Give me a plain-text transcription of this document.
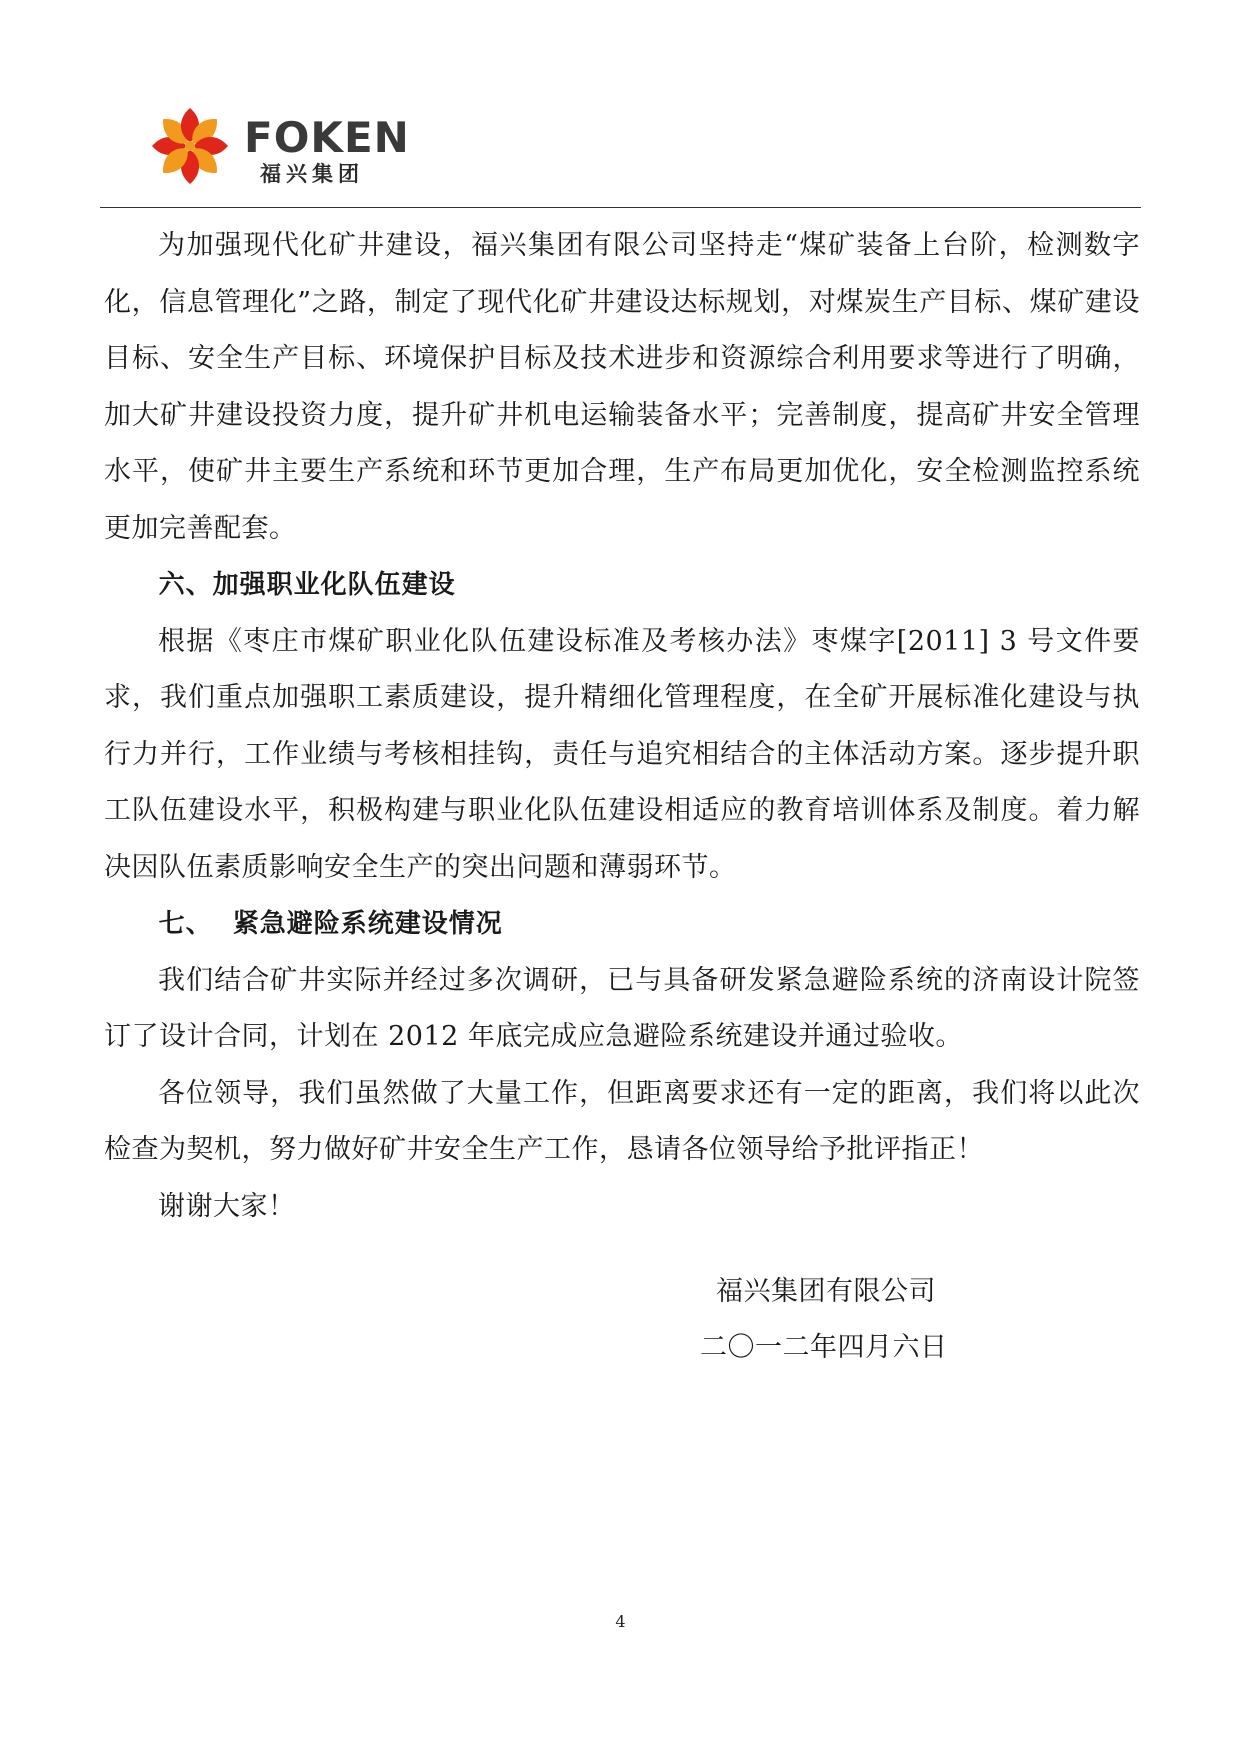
FOKEN
福兴集团

为加强现代化矿井建设，福兴集团有限公司坚持走“煤矿装备上台阶，检测数字化，信息管理化”之路，制定了现代化矿井建设达标规划，对煤炭生产目标、煤矿建设目标、安全生产目标、环境保护目标及技术进步和资源综合利用要求等进行了明确，加大矿井建设投资力度，提升矿井机电运输装备水平；完善制度，提高矿井安全管理水平，使矿井主要生产系统和环节更加合理，生产布局更加优化，安全检测监控系统更加完善配套。

六、加强职业化队伍建设

根据《枣庄市煤矿职业化队伍建设标准及考核办法》枣煤字[2011] 3 号文件要求，我们重点加强职工素质建设，提升精细化管理程度，在全矿开展标准化建设与执行力并行，工作业绩与考核相挂钩，责任与追究相结合的主体活动方案。逐步提升职工队伍建设水平，积极构建与职业化队伍建设相适应的教育培训体系及制度。着力解决因队伍素质影响安全生产的突出问题和薄弱环节。

七、  紧急避险系统建设情况

我们结合矿井实际并经过多次调研，已与具备研发紧急避险系统的济南设计院签订了设计合同，计划在 2012 年底完成应急避险系统建设并通过验收。

各位领导，我们虽然做了大量工作，但距离要求还有一定的距离，我们将以此次检查为契机，努力做好矿井安全生产工作，恳请各位领导给予批评指正！

谢谢大家！

福兴集团有限公司
二〇一二年四月六日
4
